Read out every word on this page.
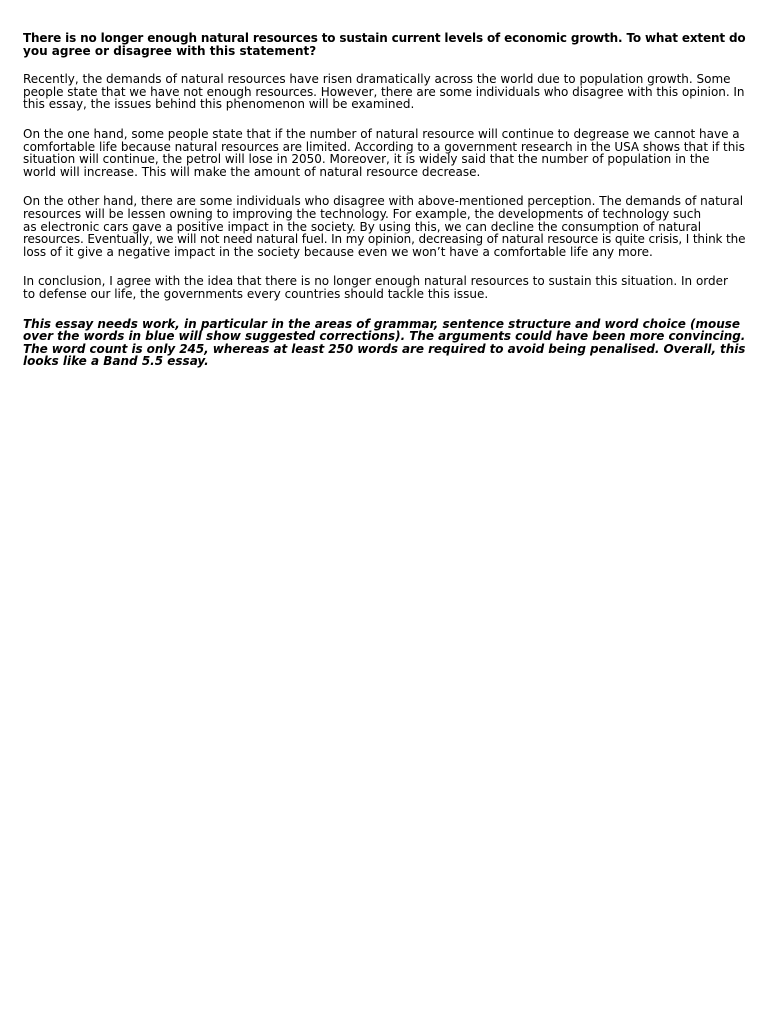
There is no longer enough natural resources to sustain current levels of economic growth. To what extent do
you agree or disagree with this statement?

Recently, the demands of natural resources have risen dramatically across the world due to population growth. Some
people state that we have not enough resources. However, there are some individuals who disagree with this opinion. In
this essay, the issues behind this phenomenon will be examined.

On the one hand, some people state that if the number of natural resource will continue to degrease we cannot have a
comfortable life because natural resources are limited. According to a government research in the USA shows that if this
situation will continue, the petrol will lose in 2050. Moreover, it is widely said that the number of population in the
world will increase. This will make the amount of natural resource decrease.

On the other hand, there are some individuals who disagree with above-mentioned perception. The demands of natural
resources will be lessen owning to improving the technology. For example, the developments of technology such
as electronic cars gave a positive impact in the society. By using this, we can decline the consumption of natural
resources. Eventually, we will not need natural fuel. In my opinion, decreasing of natural resource is quite crisis, I think the
loss of it give a negative impact in the society because even we won’t have a comfortable life any more.

In conclusion, I agree with the idea that there is no longer enough natural resources to sustain this situation. In order
to defense our life, the governments every countries should tackle this issue.

This essay needs work, in particular in the areas of grammar, sentence structure and word choice (mouse
over the words in blue will show suggested corrections). The arguments could have been more convincing.
The word count is only 245, whereas at least 250 words are required to avoid being penalised. Overall, this
looks like a Band 5.5 essay.
